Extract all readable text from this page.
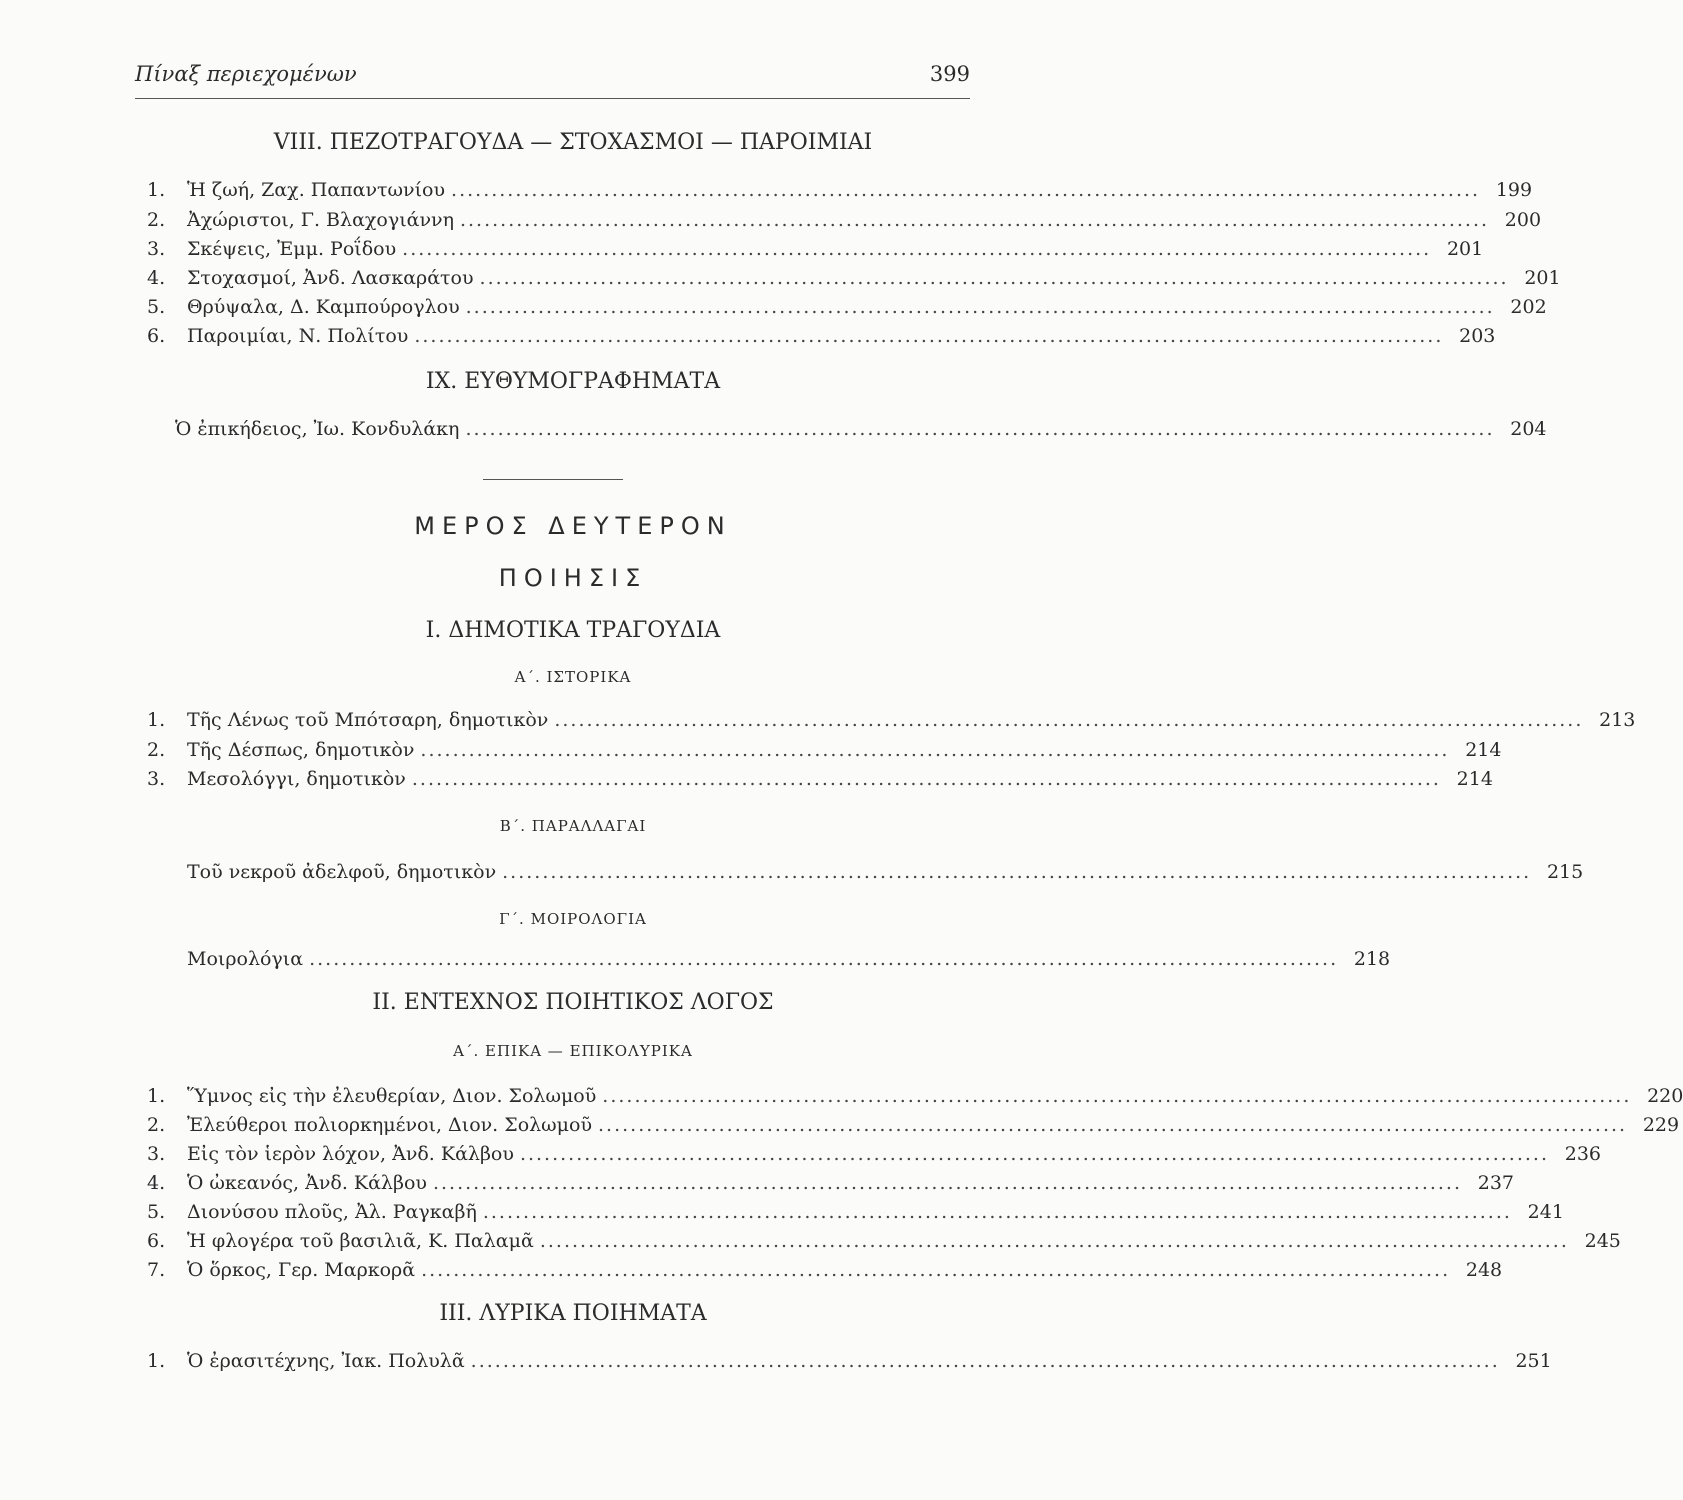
Πίναξ περιεχομένων	399
VIII. ΠΕΖΟΤΡΑΓΟΥΔΑ — ΣΤΟΧΑΣΜΟΙ — ΠΑΡΟΙΜΙΑΙ
1.	Ἡ ζωή, Ζαχ. Παπαντωνίου ................................................................................................................................ 199
2.	Ἀχώριστοι, Γ. Βλαχογιάννη ................................................................................................................................ 200
3.	Σκέψεις, Ἐμμ. Ροΐδου ................................................................................................................................ 201
4.	Στοχασμοί, Ἀνδ. Λασκαράτου ................................................................................................................................ 201
5.	Θρύψαλα, Δ. Καμπούρογλου ................................................................................................................................ 202
6.	Παροιμίαι, Ν. Πολίτου ................................................................................................................................ 203
IX. ΕΥΘΥΜΟΓΡΑΦΗΜΑΤΑ
Ὁ ἐπικήδειος, Ἰω. Κονδυλάκη ................................................................................................................................ 204
ΜΕΡΟΣ ΔΕΥΤΕΡΟΝ
ΠΟΙΗΣΙΣ
I. ΔΗΜΟΤΙΚΑ ΤΡΑΓΟΥΔΙΑ
Α΄. ΙΣΤΟΡΙΚΑ
1.	Τῆς Λένως τοῦ Μπότσαρη, δημοτικὸν ................................................................................................................................ 213
2.	Τῆς Δέσπως, δημοτικὸν ................................................................................................................................ 214
3.	Μεσολόγγι, δημοτικὸν ................................................................................................................................ 214
Β΄. ΠΑΡΑΛΛΑΓΑΙ
Τοῦ νεκροῦ ἀδελφοῦ, δημοτικὸν ................................................................................................................................ 215
Γ΄. ΜΟΙΡΟΛΟΓΙΑ
Μοιρολόγια ................................................................................................................................ 218
II. ΕΝΤΕΧΝΟΣ ΠΟΙΗΤΙΚΟΣ ΛΟΓΟΣ
Α΄. ΕΠΙΚΑ — ΕΠΙΚΟΛΥΡΙΚΑ
1.	Ὕμνος εἰς τὴν ἐλευθερίαν, Διον. Σολωμοῦ ................................................................................................................................ 220
2.	Ἐλεύθεροι πολιορκημένοι, Διον. Σολωμοῦ ................................................................................................................................ 229
3.	Εἰς τὸν ἱερὸν λόχον, Ἀνδ. Κάλβου ................................................................................................................................ 236
4.	Ὁ ὠκεανός, Ἀνδ. Κάλβου ................................................................................................................................ 237
5.	Διονύσου πλοῦς, Ἀλ. Ραγκαβῆ ................................................................................................................................ 241
6.	Ἡ φλογέρα τοῦ βασιλιᾶ, Κ. Παλαμᾶ ................................................................................................................................ 245
7.	Ὁ ὅρκος, Γερ. Μαρκορᾶ ................................................................................................................................ 248
III. ΛΥΡΙΚΑ ΠΟΙΗΜΑΤΑ
1.	Ὁ ἐρασιτέχνης, Ἰακ. Πολυλᾶ ................................................................................................................................ 251
